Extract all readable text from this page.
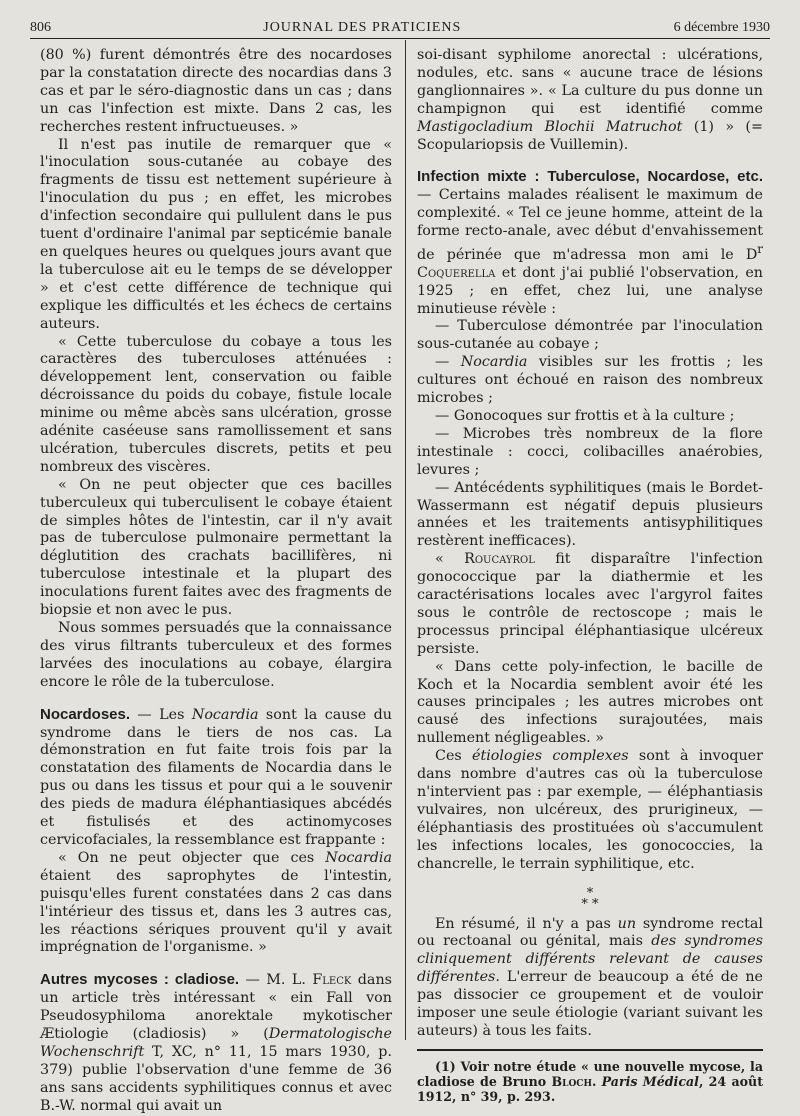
806	JOURNAL DES PRATICIENS	6 décembre 1930

(80 %) furent démontrés être des nocardoses par la constatation directe des nocardias dans 3 cas et par le séro-diagnostic dans un cas ; dans un cas l'infection est mixte. Dans 2 cas, les recherches restent infructueuses. »

Il n'est pas inutile de remarquer que « l'inoculation sous-cutanée au cobaye des fragments de tissu est nettement supérieure à l'inoculation du pus ; en effet, les microbes d'infection secondaire qui pullulent dans le pus tuent d'ordinaire l'animal par septicémie banale en quelques heures ou quelques jours avant que la tuberculose ait eu le temps de se développer » et c'est cette différence de technique qui explique les difficultés et les échecs de certains auteurs.

« Cette tuberculose du cobaye a tous les caractères des tuberculoses atténuées : développement lent, conservation ou faible décroissance du poids du cobaye, fistule locale minime ou même abcès sans ulcération, grosse adénite caséeuse sans ramollissement et sans ulcération, tubercules discrets, petits et peu nombreux des viscères.

« On ne peut objecter que ces bacilles tuberculeux qui tuberculisent le cobaye étaient de simples hôtes de l'intestin, car il n'y avait pas de tuberculose pulmonaire permettant la déglutition des crachats bacillifères, ni tuberculose intestinale et la plupart des inoculations furent faites avec des fragments de biopsie et non avec le pus.

Nous sommes persuadés que la connaissance des virus filtrants tuberculeux et des formes larvées des inoculations au cobaye, élargira encore le rôle de la tuberculose.

Nocardoses. — Les Nocardia sont la cause du syndrome dans le tiers de nos cas. La démonstration en fut faite trois fois par la constatation des filaments de Nocardia dans le pus ou dans les tissus et pour qui a le souvenir des pieds de madura éléphantiasiques abcédés et fistulisés et des actinomycoses cervicofaciales, la ressemblance est frappante :

« On ne peut objecter que ces Nocardia étaient des saprophytes de l'intestin, puisqu'elles furent constatées dans 2 cas dans l'intérieur des tissus et, dans les 3 autres cas, les réactions sériques prouvent qu'il y avait imprégnation de l'organisme. »

Autres mycoses : cladiose. — M. L. Fleck dans un article très intéressant « ein Fall von Pseudosyphiloma anorektale mykotischer Ætiologie (cladiosis) » (Dermatologische Wochenschrift T, XC, n° 11, 15 mars 1930, p. 379) publie l'observation d'une femme de 36 ans sans accidents syphilitiques connus et avec B.-W. normal qui avait un

soi-disant syphilome anorectal : ulcérations, nodules, etc. sans « aucune trace de lésions ganglionnaires ». « La culture du pus donne un champignon qui est identifié comme Mastigocladium Blochii Matruchot (1) » (= Scopulariopsis de Vuillemin).

Infection mixte : Tuberculose, Nocardose, etc. — Certains malades réalisent le maximum de complexité. « Tel ce jeune homme, atteint de la forme recto-anale, avec début d'envahissement de périnée que m'adressa mon ami le $D^r$ Coquerella et dont j'ai publié l'observation, en 1925 ; en effet, chez lui, une analyse minutieuse révèle :

— Tuberculose démontrée par l'inoculation sous-cutanée au cobaye ;

— Nocardia visibles sur les frottis ; les cultures ont échoué en raison des nombreux microbes ;

— Gonocoques sur frottis et à la culture ;

— Microbes très nombreux de la flore intestinale : cocci, colibacilles anaérobies, levures ;

— Antécédents syphilitiques (mais le Bordet-Wassermann est négatif depuis plusieurs années et les traitements antisyphilitiques restèrent inefficaces).

« Roucayrol fit disparaître l'infection gonococcique par la diathermie et les caractérisations locales avec l'argyrol faites sous le contrôle de rectoscope ; mais le processus principal éléphantiasique ulcéreux persiste.

« Dans cette poly-infection, le bacille de Koch et la Nocardia semblent avoir été les causes principales ; les autres microbes ont causé des infections surajoutées, mais nullement négligeables. »

Ces étiologies complexes sont à invoquer dans nombre d'autres cas où la tuberculose n'intervient pas : par exemple, — éléphantiasis vulvaires, non ulcéreux, des prurigineux, — éléphantiasis des prostituées où s'accumulent les infections locales, les gonococcies, la chancrelle, le terrain syphilitique, etc.

*
* *

En résumé, il n'y a pas un syndrome rectal ou rectoanal ou génital, mais des syndromes cliniquement différents relevant de causes différentes. L'erreur de beaucoup a été de ne pas dissocier ce groupement et de vouloir imposer une seule étiologie (variant suivant les auteurs) à tous les faits.

(1) Voir notre étude « une nouvelle mycose, la cladiose de Bruno Bloch. Paris Médical, 24 août 1912, n° 39, p. 293.
